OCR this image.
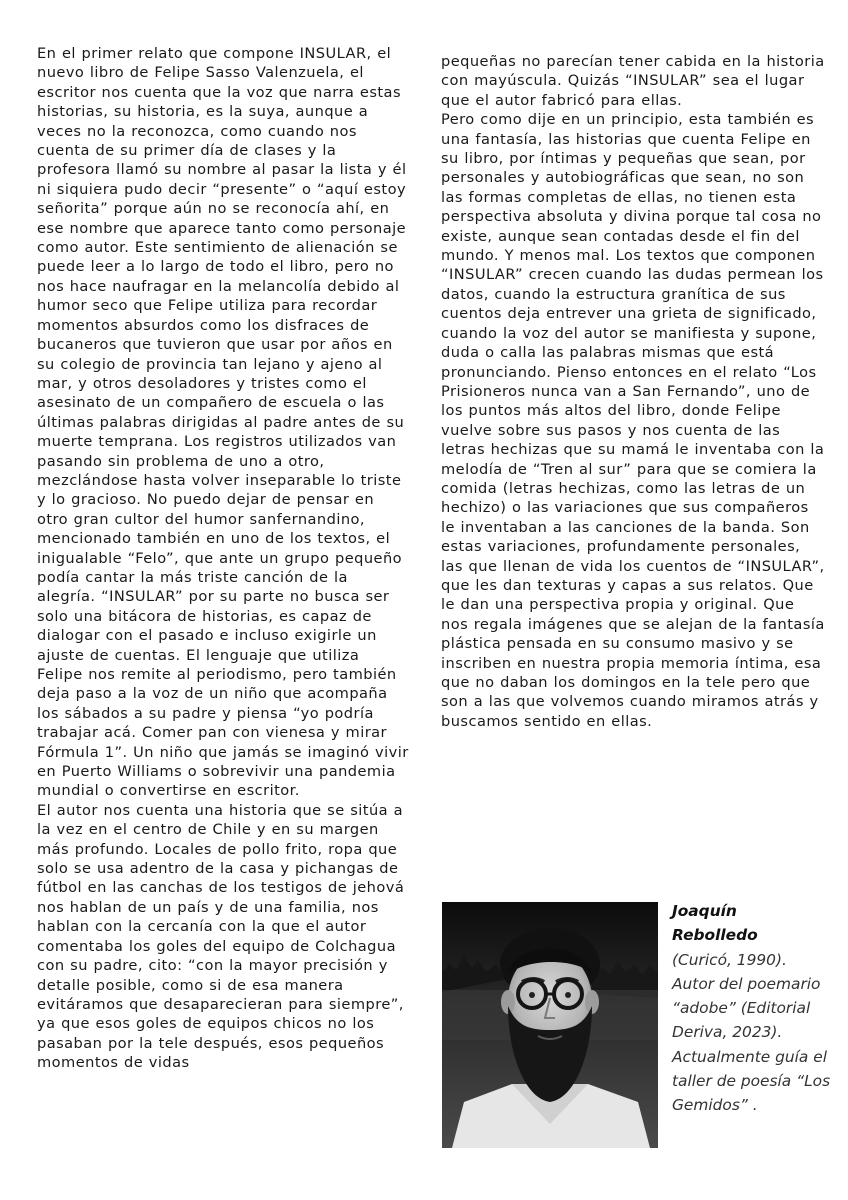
En el primer relato que compone INSULAR, el nuevo libro de Felipe Sasso Valenzuela, el escritor nos cuenta que la voz que narra estas historias, su historia, es la suya, aunque a veces no la reconozca, como cuando nos cuenta de su primer día de clases y la profesora llamó su nombre al pasar la lista y él ni siquiera pudo decir “presente” o “aquí estoy señorita” porque aún no se reconocía ahí, en ese nombre que aparece tanto como personaje como autor. Este sentimiento de alienación se puede leer a lo largo de todo el libro, pero no nos hace naufragar en la melancolía debido al humor seco que Felipe utiliza para recordar momentos absurdos como los disfraces de bucaneros que tuvieron que usar por años en su colegio de provincia tan lejano y ajeno al mar, y otros desoladores y tristes como el asesinato de un compañero de escuela o las últimas palabras dirigidas al padre antes de su muerte temprana. Los registros utilizados van pasando sin problema de uno a otro, mezclándose hasta volver inseparable lo triste y lo gracioso. No puedo dejar de pensar en otro gran cultor del humor sanfernandino, mencionado también en uno de los textos, el inigualable “Felo”, que ante un grupo pequeño podía cantar la más triste canción de la alegría. “INSULAR” por su parte no busca ser solo una bitácora de historias, es capaz de dialogar con el pasado e incluso exigirle un ajuste de cuentas. El lenguaje que utiliza Felipe nos remite al periodismo, pero también deja paso a la voz de un niño que acompaña los sábados a su padre y piensa “yo podría trabajar acá. Comer pan con vienesa y mirar Fórmula 1”. Un niño que jamás se imaginó vivir en Puerto Williams o sobrevivir una pandemia mundial o convertirse en escritor.

El autor nos cuenta una historia que se sitúa a la vez en el centro de Chile y en su margen más profundo. Locales de pollo frito, ropa que solo se usa adentro de la casa y pichangas de fútbol en las canchas de los testigos de jehová nos hablan de un país y de una familia, nos hablan con la cercanía con la que el autor comentaba los goles del equipo de Colchagua con su padre, cito: “con la mayor precisión y detalle posible, como si de esa manera evitáramos que desaparecieran para siempre”, ya que esos goles de equipos chicos no los pasaban por la tele después, esos pequeños momentos de vidas

pequeñas no parecían tener cabida en la historia con mayúscula. Quizás “INSULAR” sea el lugar que el autor fabricó para ellas.

Pero como dije en un principio, esta también es una fantasía, las historias que cuenta Felipe en su libro, por íntimas y pequeñas que sean, por personales y autobiográficas que sean, no son las formas completas de ellas, no tienen esta perspectiva absoluta y divina porque tal cosa no existe, aunque sean contadas desde el fin del mundo. Y menos mal. Los textos que componen “INSULAR” crecen cuando las dudas permean los datos, cuando la estructura granítica de sus cuentos deja entrever una grieta de significado, cuando la voz del autor se manifiesta y supone, duda o calla las palabras mismas que está pronunciando. Pienso entonces en el relato “Los Prisioneros nunca van a San Fernando”, uno de los puntos más altos del libro, donde Felipe vuelve sobre sus pasos y nos cuenta de las letras hechizas que su mamá le inventaba con la melodía de “Tren al sur” para que se comiera la comida (letras hechizas, como las letras de un hechizo) o las variaciones que sus compañeros le inventaban a las canciones de la banda. Son estas variaciones, profundamente personales, las que llenan de vida los cuentos de “INSULAR”, que les dan texturas y capas a sus relatos. Que le dan una perspectiva propia y original. Que nos regala imágenes que se alejan de la fantasía plástica pensada en su consumo masivo y se inscriben en nuestra propia memoria íntima, esa que no daban los domingos en la tele pero que son a las que volvemos cuando miramos atrás y buscamos sentido en ellas.

Joaquín
Rebolledo
(Curicó, 1990). Autor del poemario “adobe” (Editorial Deriva, 2023). Actualmente guía el taller de poesía “Los Gemidos” .
